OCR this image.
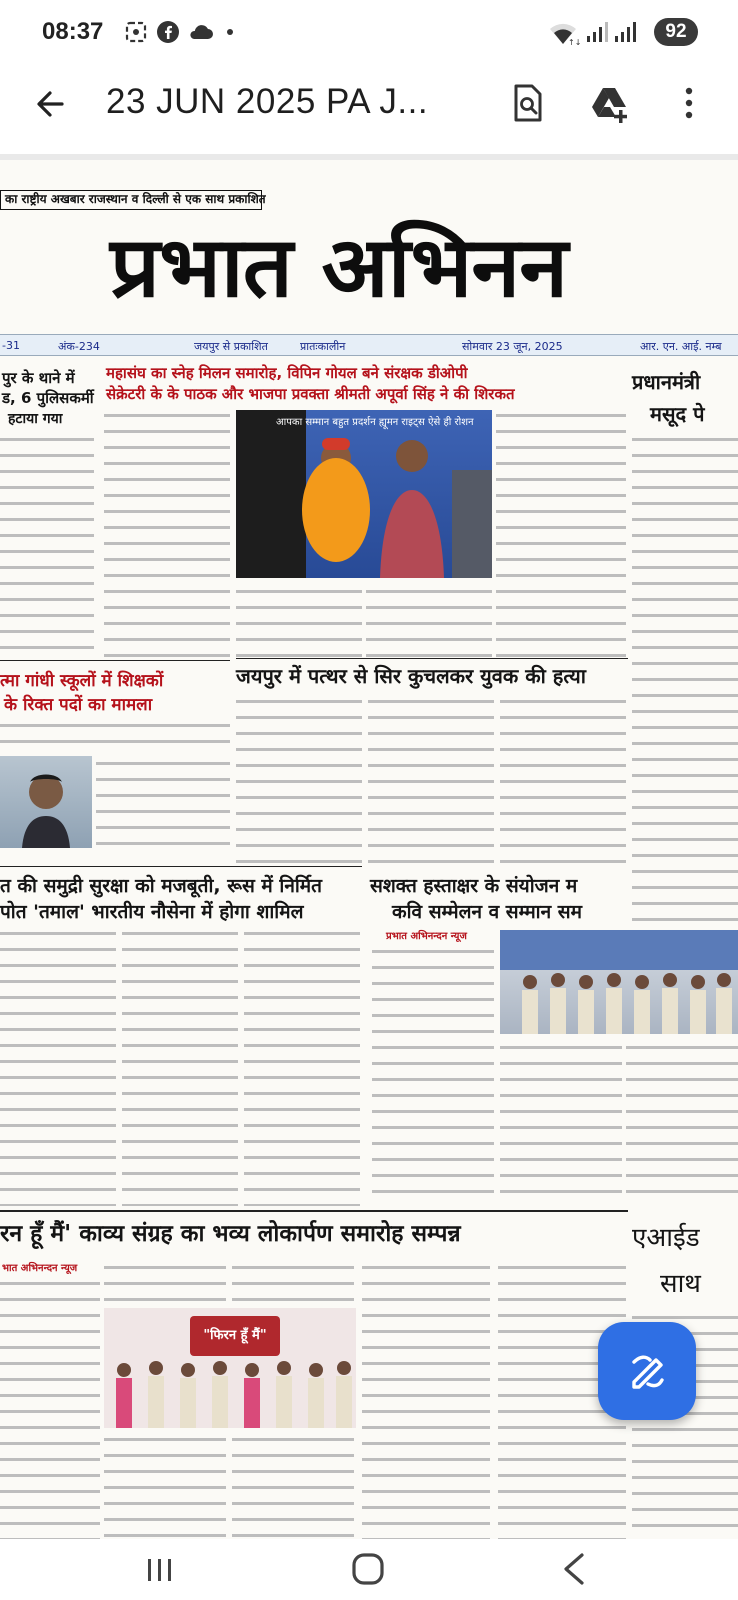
08:37	↑↓
92
23 JUN 2025 PA J...
का राष्ट्रीय अखबार राजस्थान व दिल्ली से एक साथ प्रकाशित
प्रभात अभिनन
-31	अंक-234	जयपुर से प्रकाशित	प्रातःकालीन	सोमवार 23 जून, 2025	आर. एन. आई. नम्ब
पुर के थाने में
ड, 6 पुलिसकर्मी
हटाया गया
त्मा गांधी स्कूलों में शिक्षकों
के रिक्त पदों का मामला
महासंघ का स्नेह मिलन समारोह, विपिन गोयल बने संरक्षक डीओपी
सेक्रेटरी के के पाठक और भाजपा प्रवक्ता श्रीमती अपूर्वा सिंह ने की शिरकत
आपका सम्मान बहुत प्रदर्शन ह्यूमन राइट्स ऐसे ही रोशन
प्रधानमंत्री
मसूद पे
जयपुर में पत्थर से सिर कुचलकर युवक की हत्या
त की समुद्री सुरक्षा को मजबूती, रूस में निर्मित
पोत 'तमाल' भारतीय नौसेना में होगा शामिल
सशक्त हस्ताक्षर के संयोजन म
कवि सम्मेलन व सम्मान सम
प्रभात अभिनन्दन न्यूज
रन हूँ मैं' काव्य संग्रह का भव्य लोकार्पण समारोह सम्पन्न	एआईड
साथ
भात अभिनन्दन न्यूज
"फिरन हूँ मैं"
